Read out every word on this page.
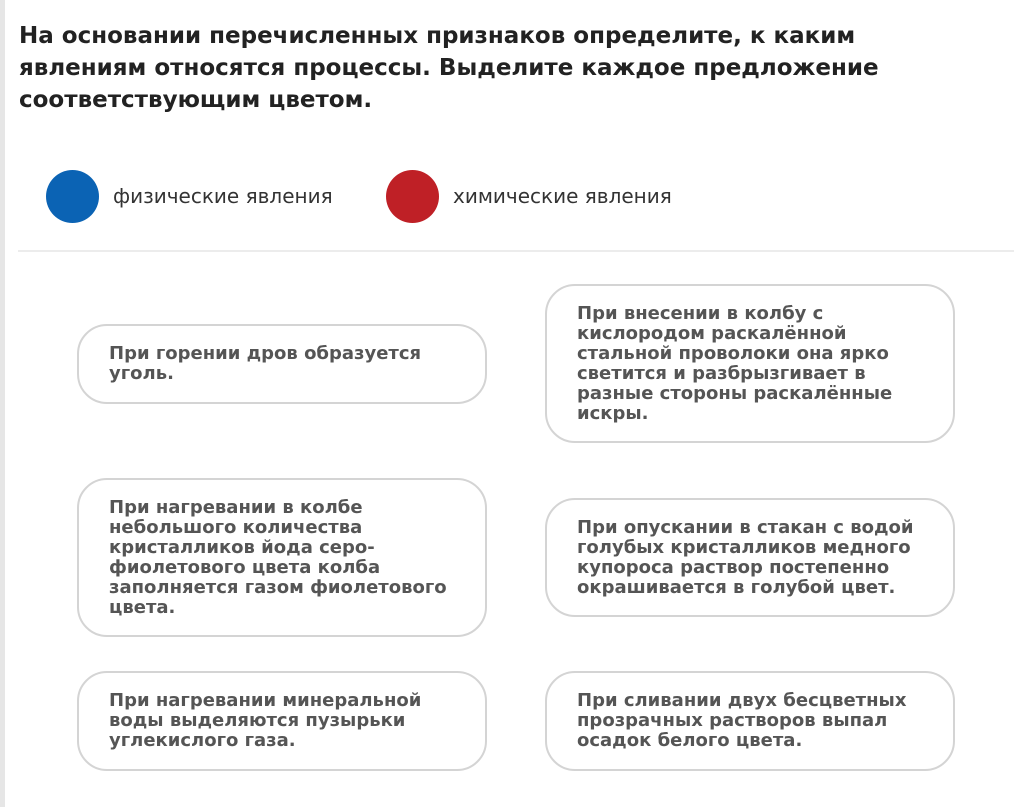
На основании перечисленных признаков определите, к каким явлениям относятся процессы. Выделите каждое предложение соответствующим цветом.

физические явления	химические явления
При горении дров образуется уголь.
При внесении в колбу с кислородом раскалённой стальной проволоки она ярко светится и разбрызгивает в разные стороны раскалённые искры.
При нагревании в колбе небольшого количества кристалликов йода серо-фиолетового цвета колба заполняется газом фиолетового цвета.
При опускании в стакан с водой голубых кристалликов медного купороса раствор постепенно окрашивается в голубой цвет.
При нагревании минеральной воды выделяются пузырьки углекислого газа.
При сливании двух бесцветных прозрачных растворов выпал осадок белого цвета.
